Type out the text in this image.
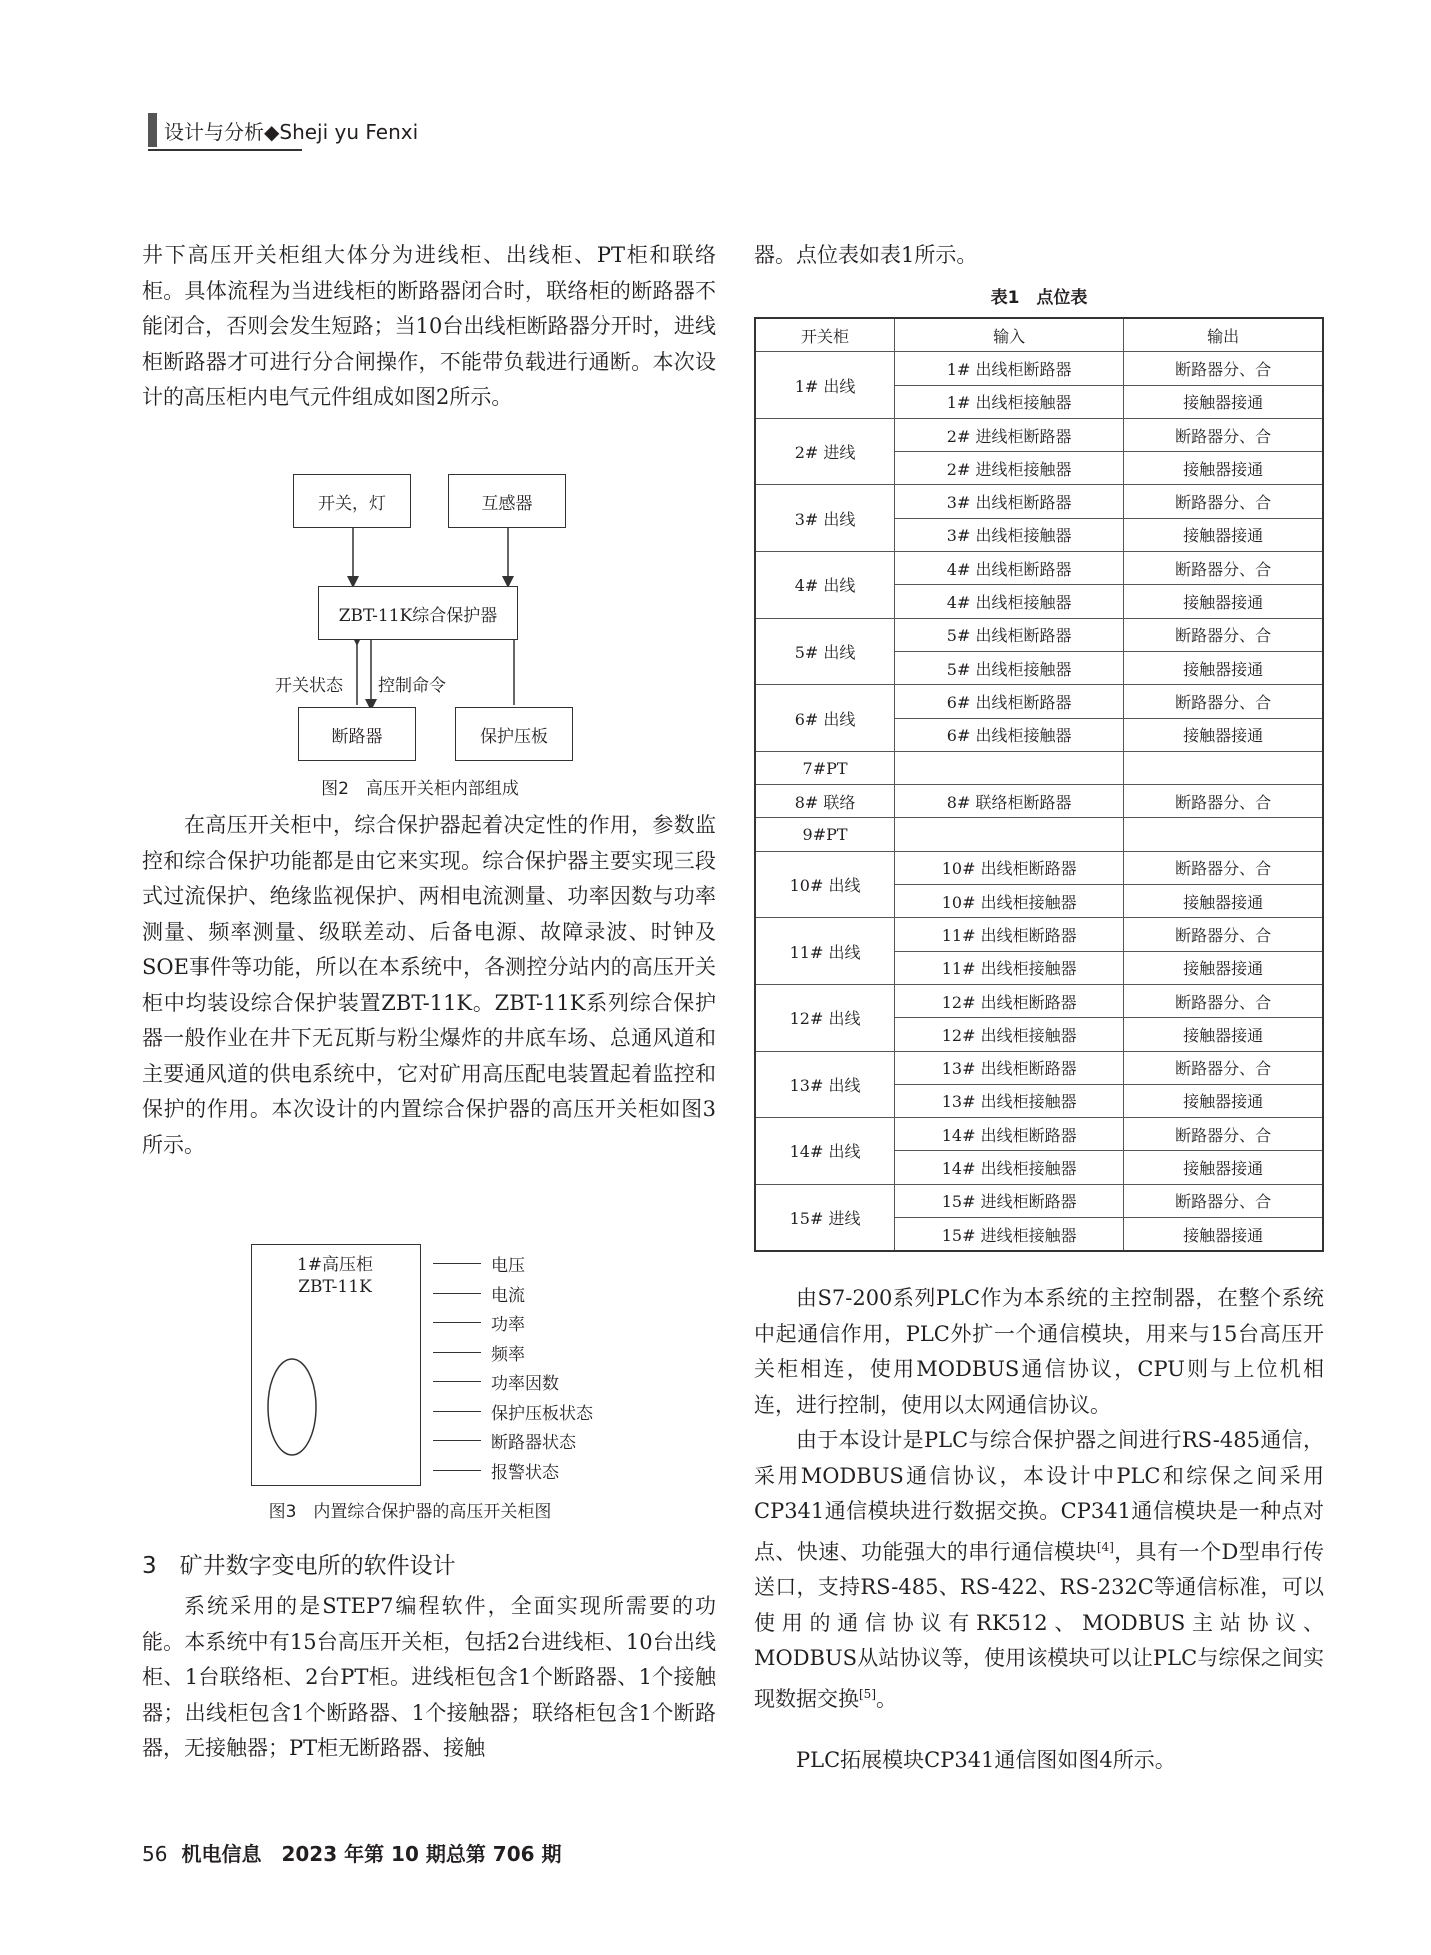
设计与分析◆Sheji yu Fenxi

井下高压开关柜组大体分为进线柜、出线柜、PT柜和联络柜。具体流程为当进线柜的断路器闭合时，联络柜的断路器不能闭合，否则会发生短路；当10台出线柜断路器分开时，进线柜断路器才可进行分合闸操作，不能带负载进行通断。本次设计的高压柜内电气元件组成如图2所示。

开关，灯	互感器
ZBT-11K综合保护器
开关状态 控制命令
断路器	保护压板
图2　高压开关柜内部组成

在高压开关柜中，综合保护器起着决定性的作用，参数监控和综合保护功能都是由它来实现。综合保护器主要实现三段式过流保护、绝缘监视保护、两相电流测量、功率因数与功率测量、频率测量、级联差动、后备电源、故障录波、时钟及SOE事件等功能，所以在本系统中，各测控分站内的高压开关柜中均装设综合保护装置ZBT-11K。ZBT-11K系列综合保护器一般作业在井下无瓦斯与粉尘爆炸的井底车场、总通风道和主要通风道的供电系统中，它对矿用高压配电装置起着监控和保护的作用。本次设计的内置综合保护器的高压开关柜如图3所示。

1#高压柜
ZBT-11K
电压
电流
功率
频率
功率因数
保护压板状态
断路器状态
报警状态
图3　内置综合保护器的高压开关柜图
3　矿井数字变电所的软件设计

系统采用的是STEP7编程软件，全面实现所需要的功能。本系统中有15台高压开关柜，包括2台进线柜、10台出线柜、1台联络柜、2台PT柜。进线柜包含1个断路器、1个接触器；出线柜包含1个断路器、1个接触器；联络柜包含1个断路器，无接触器；PT柜无断路器、接触

器。点位表如表1所示。

表1　点位表
开关柜	输入	输出
1# 出线	1# 出线柜断路器	断路器分、合
	1# 出线柜接触器	接触器接通
2# 进线	2# 进线柜断路器	断路器分、合
	2# 进线柜接触器	接触器接通
3# 出线	3# 出线柜断路器	断路器分、合
	3# 出线柜接触器	接触器接通
4# 出线	4# 出线柜断路器	断路器分、合
	4# 出线柜接触器	接触器接通
5# 出线	5# 出线柜断路器	断路器分、合
	5# 出线柜接触器	接触器接通
6# 出线	6# 出线柜断路器	断路器分、合
	6# 出线柜接触器	接触器接通
7#PT		
8# 联络	8# 联络柜断路器	断路器分、合
9#PT		
10# 出线	10# 出线柜断路器	断路器分、合
	10# 出线柜接触器	接触器接通
11# 出线	11# 出线柜断路器	断路器分、合
	11# 出线柜接触器	接触器接通
12# 出线	12# 出线柜断路器	断路器分、合
	12# 出线柜接触器	接触器接通
13# 出线	13# 出线柜断路器	断路器分、合
	13# 出线柜接触器	接触器接通
14# 出线	14# 出线柜断路器	断路器分、合
	14# 出线柜接触器	接触器接通
15# 进线	15# 进线柜断路器	断路器分、合
	15# 进线柜接触器	接触器接通

由S7-200系列PLC作为本系统的主控制器，在整个系统中起通信作用，PLC外扩一个通信模块，用来与15台高压开关柜相连，使用MODBUS通信协议，CPU则与上位机相连，进行控制，使用以太网通信协议。

由于本设计是PLC与综合保护器之间进行RS-485通信，采用MODBUS通信协议，本设计中PLC和综保之间采用CP341通信模块进行数据交换。CP341通信模块是一种点对点、快速、功能强大的串行通信模块[4]，具有一个D型串行传送口，支持RS-485、RS-422、RS-232C等通信标准，可以使用的通信协议有RK512、MODBUS主站协议、MODBUS从站协议等，使用该模块可以让PLC与综保之间实现数据交换[5]。

PLC拓展模块CP341通信图如图4所示。

56 机电信息　2023 年第 10 期总第 706 期
